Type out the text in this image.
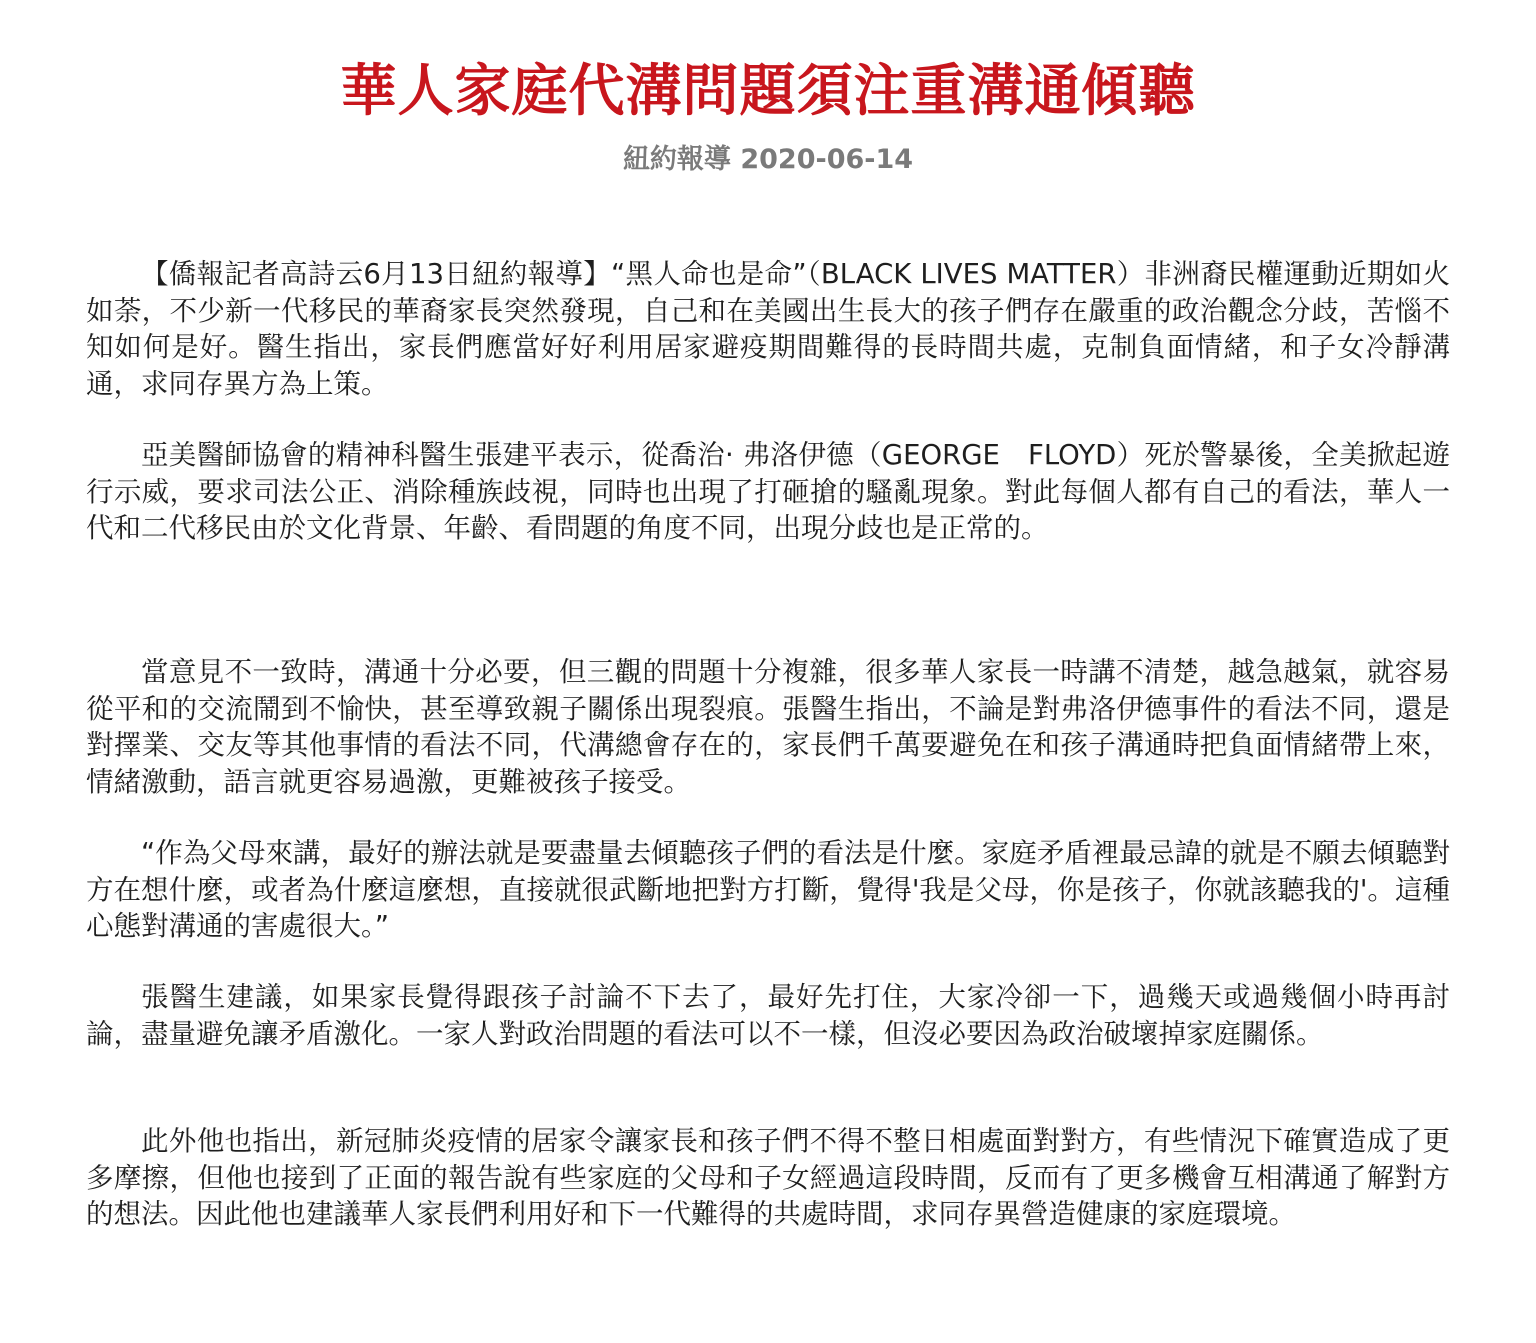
華人家庭代溝問題須注重溝通傾聽
紐約報導 2020-06-14

【僑報記者高詩云6月13日紐約報導】“黑人命也是命”（BLACK LIVES MATTER）非洲裔民權運動近期如火如荼，不少新一代移民的華裔家長突然發現，自己和在美國出生長大的孩子們存在嚴重的政治觀念分歧，苦惱不知如何是好。醫生指出，家長們應當好好利用居家避疫期間難得的長時間共處，克制負面情緒，和子女冷靜溝通，求同存異方為上策。

亞美醫師協會的精神科醫生張建平表示，從喬治· 弗洛伊德（GEORGE　FLOYD）死於警暴後，全美掀起遊行示威，要求司法公正、消除種族歧視，同時也出現了打砸搶的騷亂現象。對此每個人都有自己的看法，華人一代和二代移民由於文化背景、年齡、看問題的角度不同，出現分歧也是正常的。

當意見不一致時，溝通十分必要，但三觀的問題十分複雜，很多華人家長一時講不清楚，越急越氣，就容易從平和的交流鬧到不愉快，甚至導致親子關係出現裂痕。張醫生指出，不論是對弗洛伊德事件的看法不同，還是對擇業、交友等其他事情的看法不同，代溝總會存在的，家長們千萬要避免在和孩子溝通時把負面情緒帶上來，情緒激動，語言就更容易過激，更難被孩子接受。

“作為父母來講，最好的辦法就是要盡量去傾聽孩子們的看法是什麼。家庭矛盾裡最忌諱的就是不願去傾聽對方在想什麼，或者為什麼這麼想，直接就很武斷地把對方打斷，覺得'我是父母，你是孩子，你就該聽我的'。這種心態對溝通的害處很大。”

張醫生建議，如果家長覺得跟孩子討論不下去了，最好先打住，大家冷卻一下，過幾天或過幾個小時再討論，盡量避免讓矛盾激化。一家人對政治問題的看法可以不一樣，但沒必要因為政治破壞掉家庭關係。

此外他也指出，新冠肺炎疫情的居家令讓家長和孩子們不得不整日相處面對對方，有些情況下確實造成了更多摩擦，但他也接到了正面的報告說有些家庭的父母和子女經過這段時間，反而有了更多機會互相溝通了解對方的想法。因此他也建議華人家長們利用好和下一代難得的共處時間，求同存異營造健康的家庭環境。
